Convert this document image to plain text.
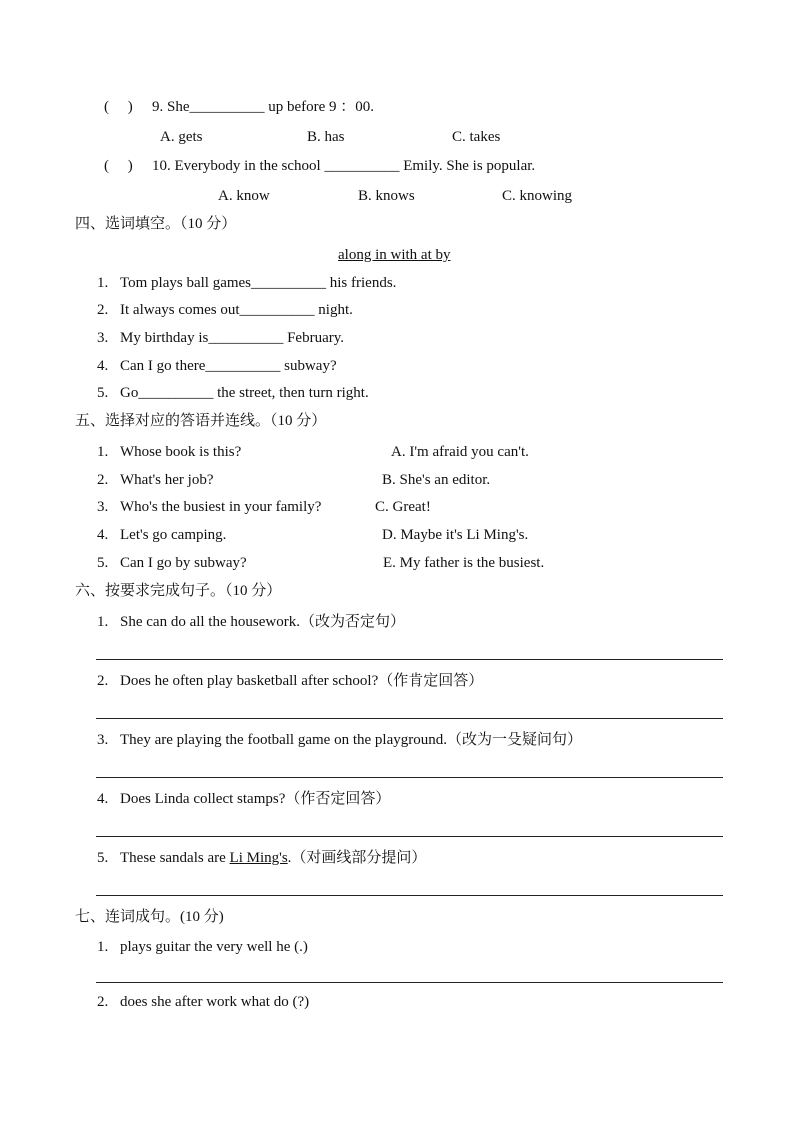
(　 ) 9. She__________ up before 9 ：00.
A. gets	B. has	C. takes
(　 ) 10. Everybody in the school __________ Emily. She is popular.
A. know	B. knows	C. knowing
四、选词填空。（10 分）
along in with at by
1. Tom plays ball games__________ his friends.
2. It always comes out__________ night.
3. My birthday is__________ February.
4. Can I go there__________ subway?
5. Go__________ the street, then turn right.
五、选择对应的答语并连线。（10 分）
1. Whose book is this?	A. I'm afraid you can't.
2. What's her job?	B. She's an editor.
3. Who's the busiest in your family?	C. Great!
4. Let's go camping.	D. Maybe it's Li Ming's.
5. Can I go by subway?	E. My father is the busiest.
六、按要求完成句子。（10 分）
1. She can do all the housework.（改为否定句）
2. Does he often play basketball after school?（作肯定回答）
3. They are playing the football game on the playground.（改为一殳疑问句）
4. Does Linda collect stamps?（作否定回答）
5. These sandals are Li Ming's.（对画线部分提问）
七、连词成句。(10 分)
1. plays guitar the very well he (.)
2. does she after work what do (?)
